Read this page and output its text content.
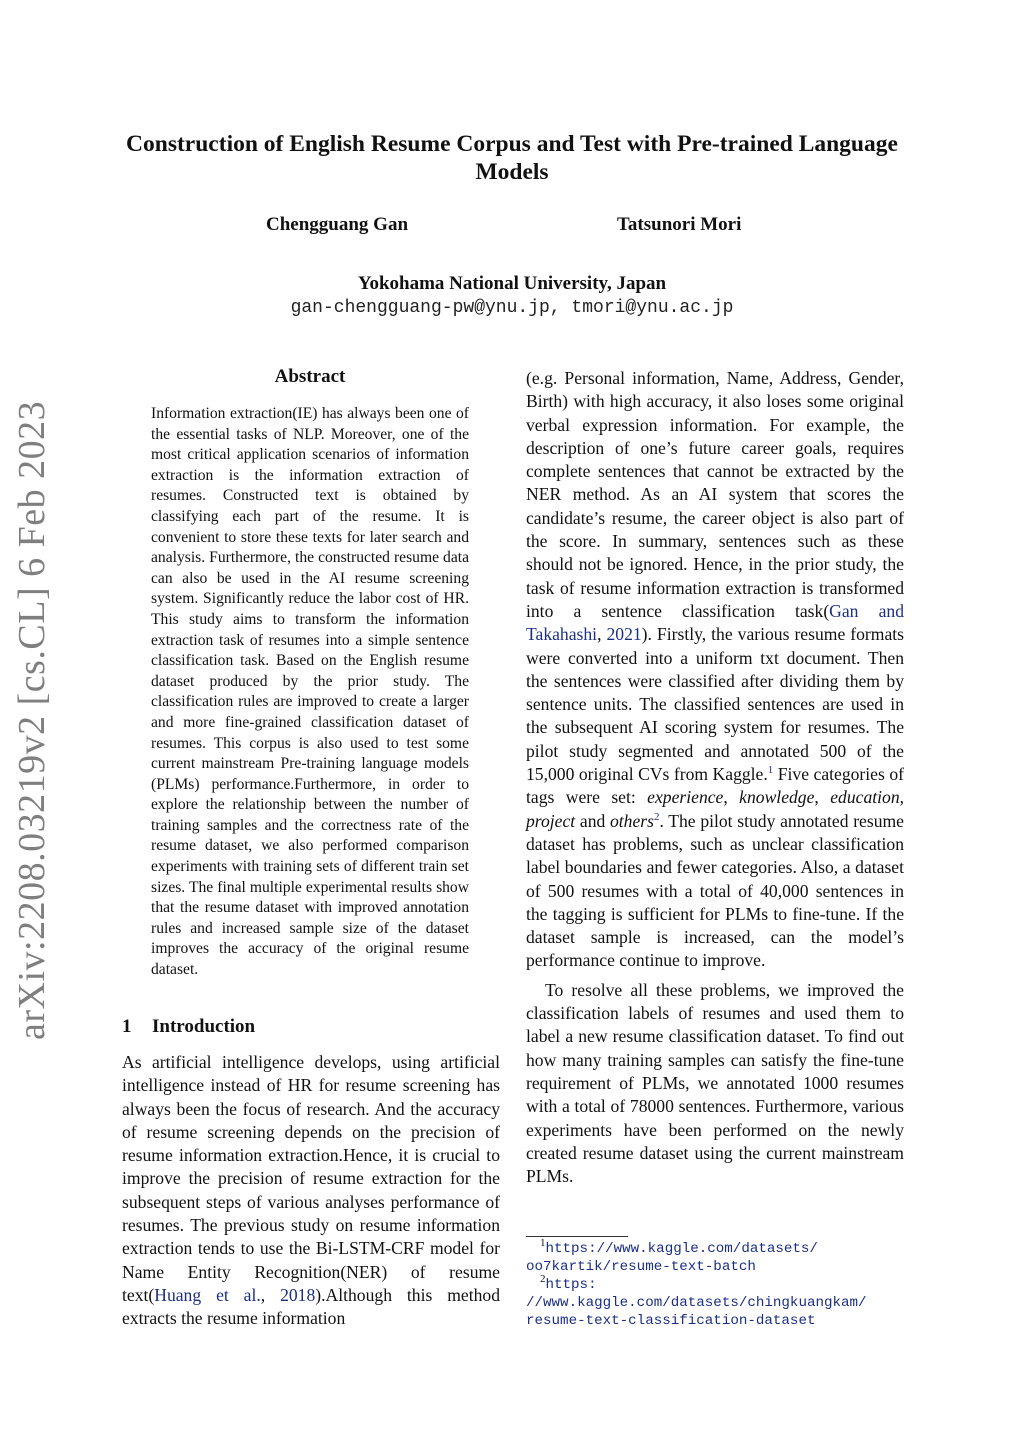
arXiv:2208.03219v2 [cs.CL] 6 Feb 2023
Construction of English Resume Corpus and Test with Pre-trained Language Models
Chengguang Gan	Tatsunori Mori
Yokohama National University, Japan
gan-chengguang-pw@ynu.jp, tmori@ynu.ac.jp
Abstract
Information extraction(IE) has always been one of the essential tasks of NLP. Moreover, one of the most critical application scenarios of information extraction is the information extraction of resumes. Constructed text is obtained by classifying each part of the resume. It is convenient to store these texts for later search and analysis. Furthermore, the constructed resume data can also be used in the AI resume screening system. Significantly reduce the labor cost of HR. This study aims to transform the information extraction task of resumes into a simple sentence classification task. Based on the English resume dataset produced by the prior study. The classification rules are improved to create a larger and more fine-grained classification dataset of resumes. This corpus is also used to test some current mainstream Pre-training language models (PLMs) performance.Furthermore, in order to explore the relationship between the number of training samples and the correctness rate of the resume dataset, we also performed comparison experiments with training sets of different train set sizes. The final multiple experimental results show that the resume dataset with improved annotation rules and increased sample size of the dataset improves the accuracy of the original resume dataset.
1 Introduction

As artificial intelligence develops, using artificial intelligence instead of HR for resume screening has always been the focus of research. And the accuracy of resume screening depends on the precision of resume information extraction.Hence, it is crucial to improve the precision of resume extraction for the subsequent steps of various analyses performance of resumes. The previous study on resume information extraction tends to use the Bi-LSTM-CRF model for Name Entity Recognition(NER) of resume text(Huang et al., 2018).Although this method extracts the resume information

(e.g. Personal information, Name, Address, Gender, Birth) with high accuracy, it also loses some original verbal expression information. For example, the description of one’s future career goals, requires complete sentences that cannot be extracted by the NER method. As an AI system that scores the candidate’s resume, the career object is also part of the score. In summary, sentences such as these should not be ignored. Hence, in the prior study, the task of resume information extraction is transformed into a sentence classification task(Gan and Takahashi, 2021). Firstly, the various resume formats were converted into a uniform txt document. Then the sentences were classified after dividing them by sentence units. The classified sentences are used in the subsequent AI scoring system for resumes. The pilot study segmented and annotated 500 of the 15,000 original CVs from Kaggle.$^1$ Five categories of tags were set: experience, knowledge, education, project and others$^2$. The pilot study annotated resume dataset has problems, such as unclear classification label boundaries and fewer categories. Also, a dataset of 500 resumes with a total of 40,000 sentences in the tagging is sufficient for PLMs to fine-tune. If the dataset sample is increased, can the model’s performance continue to improve.

To resolve all these problems, we improved the classification labels of resumes and used them to label a new resume classification dataset. To find out how many training samples can satisfy the fine-tune requirement of PLMs, we annotated 1000 resumes with a total of 78000 sentences. Furthermore, various experiments have been performed on the newly created resume dataset using the current mainstream PLMs.

$^1$https://www.kaggle.com/datasets/
oo7kartik/resume-text-batch

$^2$https:
//www.kaggle.com/datasets/chingkuangkam/
resume-text-classification-dataset
